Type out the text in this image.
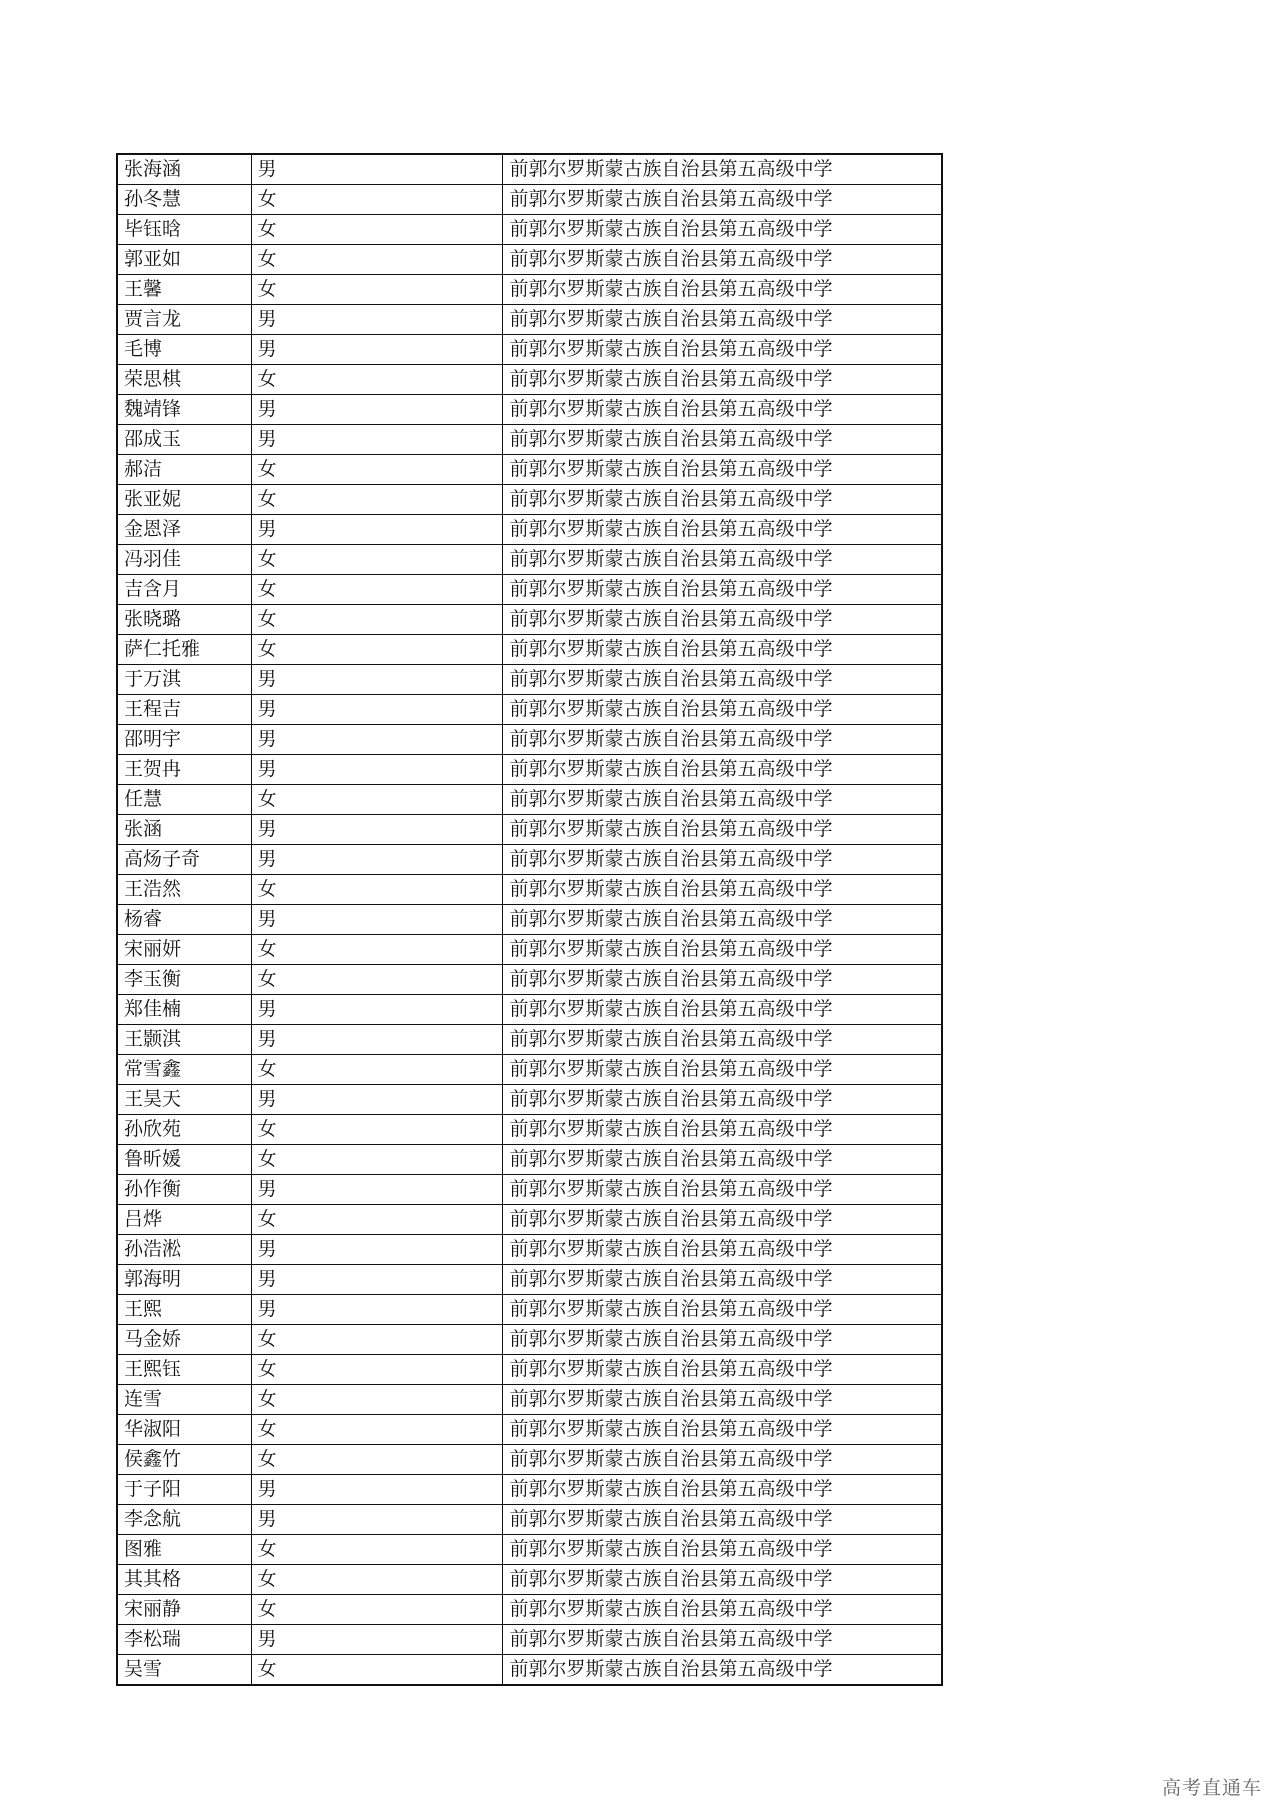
张海涵	男	前郭尔罗斯蒙古族自治县第五高级中学
孙冬慧	女	前郭尔罗斯蒙古族自治县第五高级中学
毕钰晗	女	前郭尔罗斯蒙古族自治县第五高级中学
郭亚如	女	前郭尔罗斯蒙古族自治县第五高级中学
王馨	女	前郭尔罗斯蒙古族自治县第五高级中学
贾言龙	男	前郭尔罗斯蒙古族自治县第五高级中学
毛博	男	前郭尔罗斯蒙古族自治县第五高级中学
荣思棋	女	前郭尔罗斯蒙古族自治县第五高级中学
魏靖锋	男	前郭尔罗斯蒙古族自治县第五高级中学
邵成玉	男	前郭尔罗斯蒙古族自治县第五高级中学
郝洁	女	前郭尔罗斯蒙古族自治县第五高级中学
张亚妮	女	前郭尔罗斯蒙古族自治县第五高级中学
金恩泽	男	前郭尔罗斯蒙古族自治县第五高级中学
冯羽佳	女	前郭尔罗斯蒙古族自治县第五高级中学
吉含月	女	前郭尔罗斯蒙古族自治县第五高级中学
张晓璐	女	前郭尔罗斯蒙古族自治县第五高级中学
萨仁托雅	女	前郭尔罗斯蒙古族自治县第五高级中学
于万淇	男	前郭尔罗斯蒙古族自治县第五高级中学
王程吉	男	前郭尔罗斯蒙古族自治县第五高级中学
邵明宇	男	前郭尔罗斯蒙古族自治县第五高级中学
王贺冉	男	前郭尔罗斯蒙古族自治县第五高级中学
任慧	女	前郭尔罗斯蒙古族自治县第五高级中学
张涵	男	前郭尔罗斯蒙古族自治县第五高级中学
高炀子奇	男	前郭尔罗斯蒙古族自治县第五高级中学
王浩然	女	前郭尔罗斯蒙古族自治县第五高级中学
杨睿	男	前郭尔罗斯蒙古族自治县第五高级中学
宋丽妍	女	前郭尔罗斯蒙古族自治县第五高级中学
李玉衡	女	前郭尔罗斯蒙古族自治县第五高级中学
郑佳楠	男	前郭尔罗斯蒙古族自治县第五高级中学
王颢淇	男	前郭尔罗斯蒙古族自治县第五高级中学
常雪鑫	女	前郭尔罗斯蒙古族自治县第五高级中学
王昊天	男	前郭尔罗斯蒙古族自治县第五高级中学
孙欣苑	女	前郭尔罗斯蒙古族自治县第五高级中学
鲁昕媛	女	前郭尔罗斯蒙古族自治县第五高级中学
孙作衡	男	前郭尔罗斯蒙古族自治县第五高级中学
吕烨	女	前郭尔罗斯蒙古族自治县第五高级中学
孙浩淞	男	前郭尔罗斯蒙古族自治县第五高级中学
郭海明	男	前郭尔罗斯蒙古族自治县第五高级中学
王熙	男	前郭尔罗斯蒙古族自治县第五高级中学
马金娇	女	前郭尔罗斯蒙古族自治县第五高级中学
王熙钰	女	前郭尔罗斯蒙古族自治县第五高级中学
连雪	女	前郭尔罗斯蒙古族自治县第五高级中学
华淑阳	女	前郭尔罗斯蒙古族自治县第五高级中学
侯鑫竹	女	前郭尔罗斯蒙古族自治县第五高级中学
于子阳	男	前郭尔罗斯蒙古族自治县第五高级中学
李念航	男	前郭尔罗斯蒙古族自治县第五高级中学
图雅	女	前郭尔罗斯蒙古族自治县第五高级中学
其其格	女	前郭尔罗斯蒙古族自治县第五高级中学
宋丽静	女	前郭尔罗斯蒙古族自治县第五高级中学
李松瑞	男	前郭尔罗斯蒙古族自治县第五高级中学
吴雪	女	前郭尔罗斯蒙古族自治县第五高级中学
高考直通车
